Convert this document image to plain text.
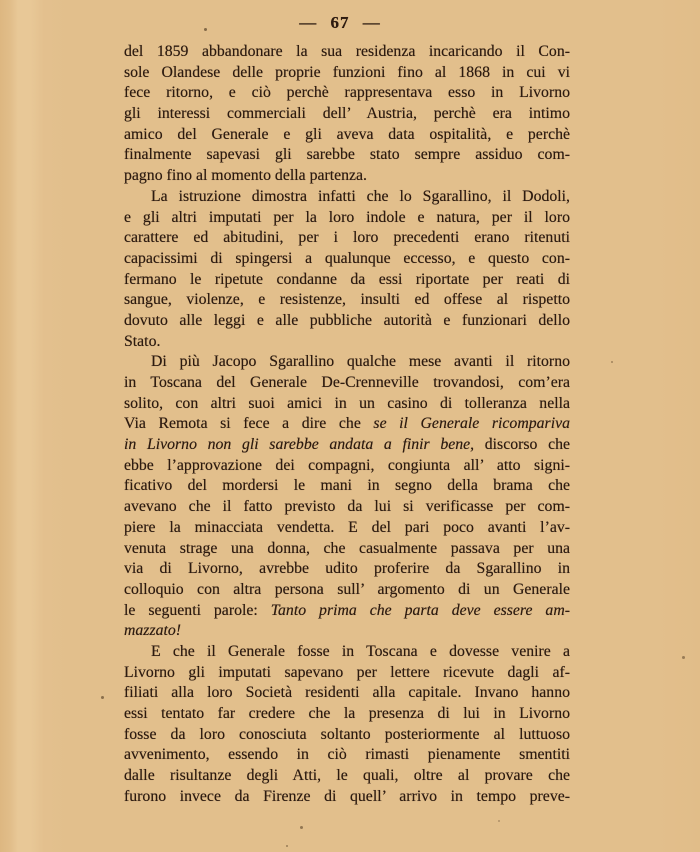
— 67 —
del 1859 abbandonare la sua residenza incaricando il Con-
sole Olandese delle proprie funzioni fino al 1868 in cui vi
fece ritorno, e ciò perchè rappresentava esso in Livorno
gli interessi commerciali dell’ Austria, perchè era intimo
amico del Generale e gli aveva data ospitalità, e perchè
finalmente sapevasi gli sarebbe stato sempre assiduo com-
pagno fino al momento della partenza.
La istruzione dimostra infatti che lo Sgarallino, il Dodoli,
e gli altri imputati per la loro indole e natura, per il loro
carattere ed abitudini, per i loro precedenti erano ritenuti
capacissimi di spingersi a qualunque eccesso, e questo con-
fermano le ripetute condanne da essi riportate per reati di
sangue, violenze, e resistenze, insulti ed offese al rispetto
dovuto alle leggi e alle pubbliche autorità e funzionari dello
Stato.
Di più Jacopo Sgarallino qualche mese avanti il ritorno
in Toscana del Generale De-Crenneville trovandosi, com’era
solito, con altri suoi amici in un casino di tolleranza nella
Via Remota si fece a dire che se il Generale ricompariva
in Livorno non gli sarebbe andata a finir bene, discorso che
ebbe l’approvazione dei compagni, congiunta all’ atto signi-
ficativo del mordersi le mani in segno della brama che
avevano che il fatto previsto da lui si verificasse per com-
piere la minacciata vendetta. E del pari poco avanti l’av-
venuta strage una donna, che casualmente passava per una
via di Livorno, avrebbe udito proferire da Sgarallino in
colloquio con altra persona sull’ argomento di un Generale
le seguenti parole: Tanto prima che parta deve essere am-
mazzato!
E che il Generale fosse in Toscana e dovesse venire a
Livorno gli imputati sapevano per lettere ricevute dagli af-
filiati alla loro Società residenti alla capitale. Invano hanno
essi tentato far credere che la presenza di lui in Livorno
fosse da loro conosciuta soltanto posteriormente al luttuoso
avvenimento, essendo in ciò rimasti pienamente smentiti
dalle risultanze degli Atti, le quali, oltre al provare che
furono invece da Firenze di quell’ arrivo in tempo preve-
